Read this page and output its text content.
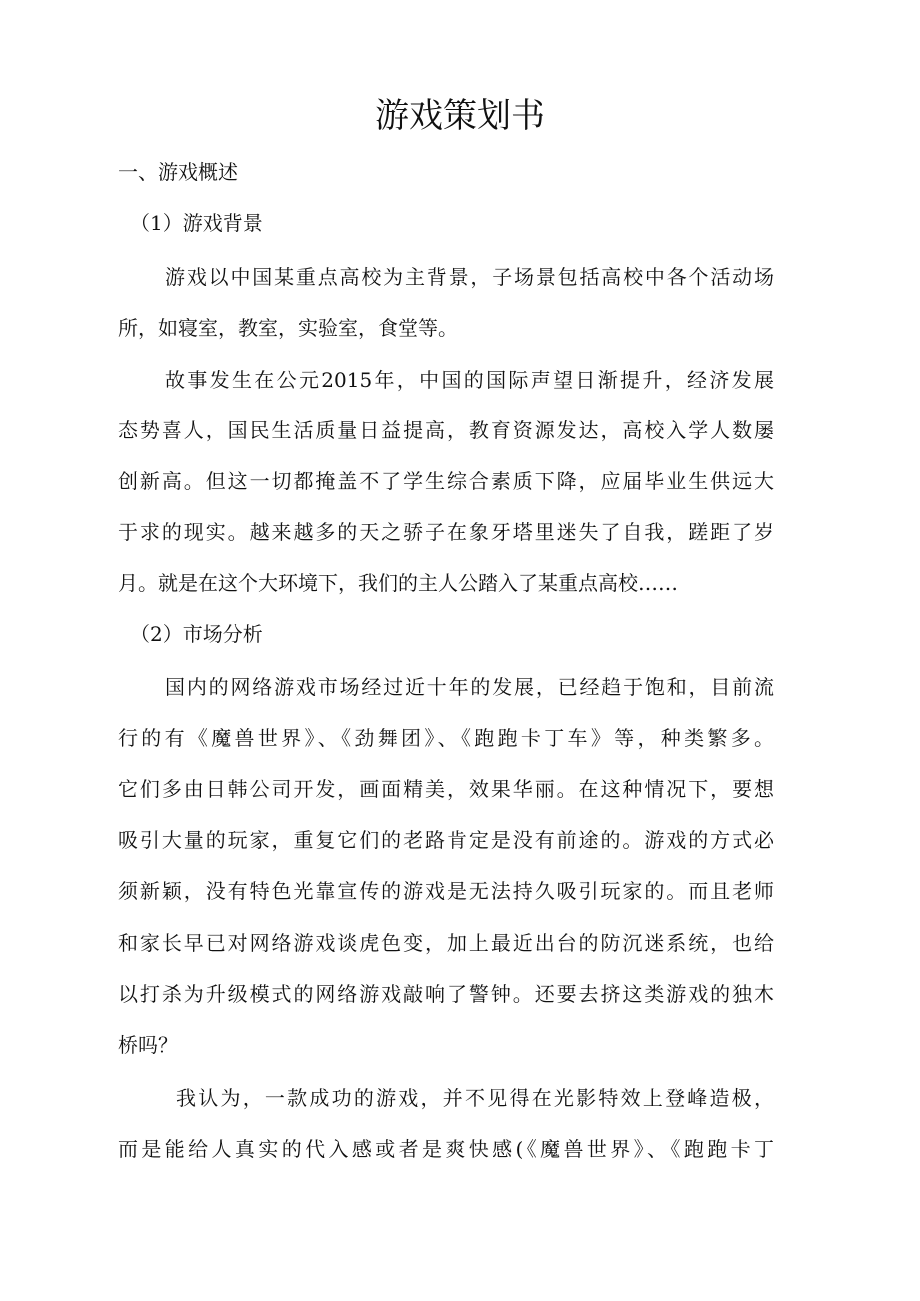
游戏策划书

一、游戏概述

（1）游戏背景

游戏以中国某重点高校为主背景，子场景包括高校中各个活动场

所，如寝室，教室，实验室，食堂等。

故事发生在公元2015年，中国的国际声望日渐提升，经济发展

态势喜人，国民生活质量日益提高，教育资源发达，高校入学人数屡

创新高。但这一切都掩盖不了学生综合素质下降，应届毕业生供远大

于求的现实。越来越多的天之骄子在象牙塔里迷失了自我，蹉距了岁

月。就是在这个大环境下，我们的主人公踏入了某重点高校……

（2）市场分析

国内的网络游戏市场经过近十年的发展，已经趋于饱和，目前流

行的有《魔兽世界》、《劲舞团》、《跑跑卡丁车》等，种类繁多。

它们多由日韩公司开发，画面精美，效果华丽。在这种情况下，要想

吸引大量的玩家，重复它们的老路肯定是没有前途的。游戏的方式必

须新颖，没有特色光靠宣传的游戏是无法持久吸引玩家的。而且老师

和家长早已对网络游戏谈虎色变，加上最近出台的防沉迷系统，也给

以打杀为升级模式的网络游戏敲响了警钟。还要去挤这类游戏的独木

桥吗？

我认为，一款成功的游戏，并不见得在光影特效上登峰造极，

而是能给人真实的代入感或者是爽快感(《魔兽世界》、《跑跑卡丁
